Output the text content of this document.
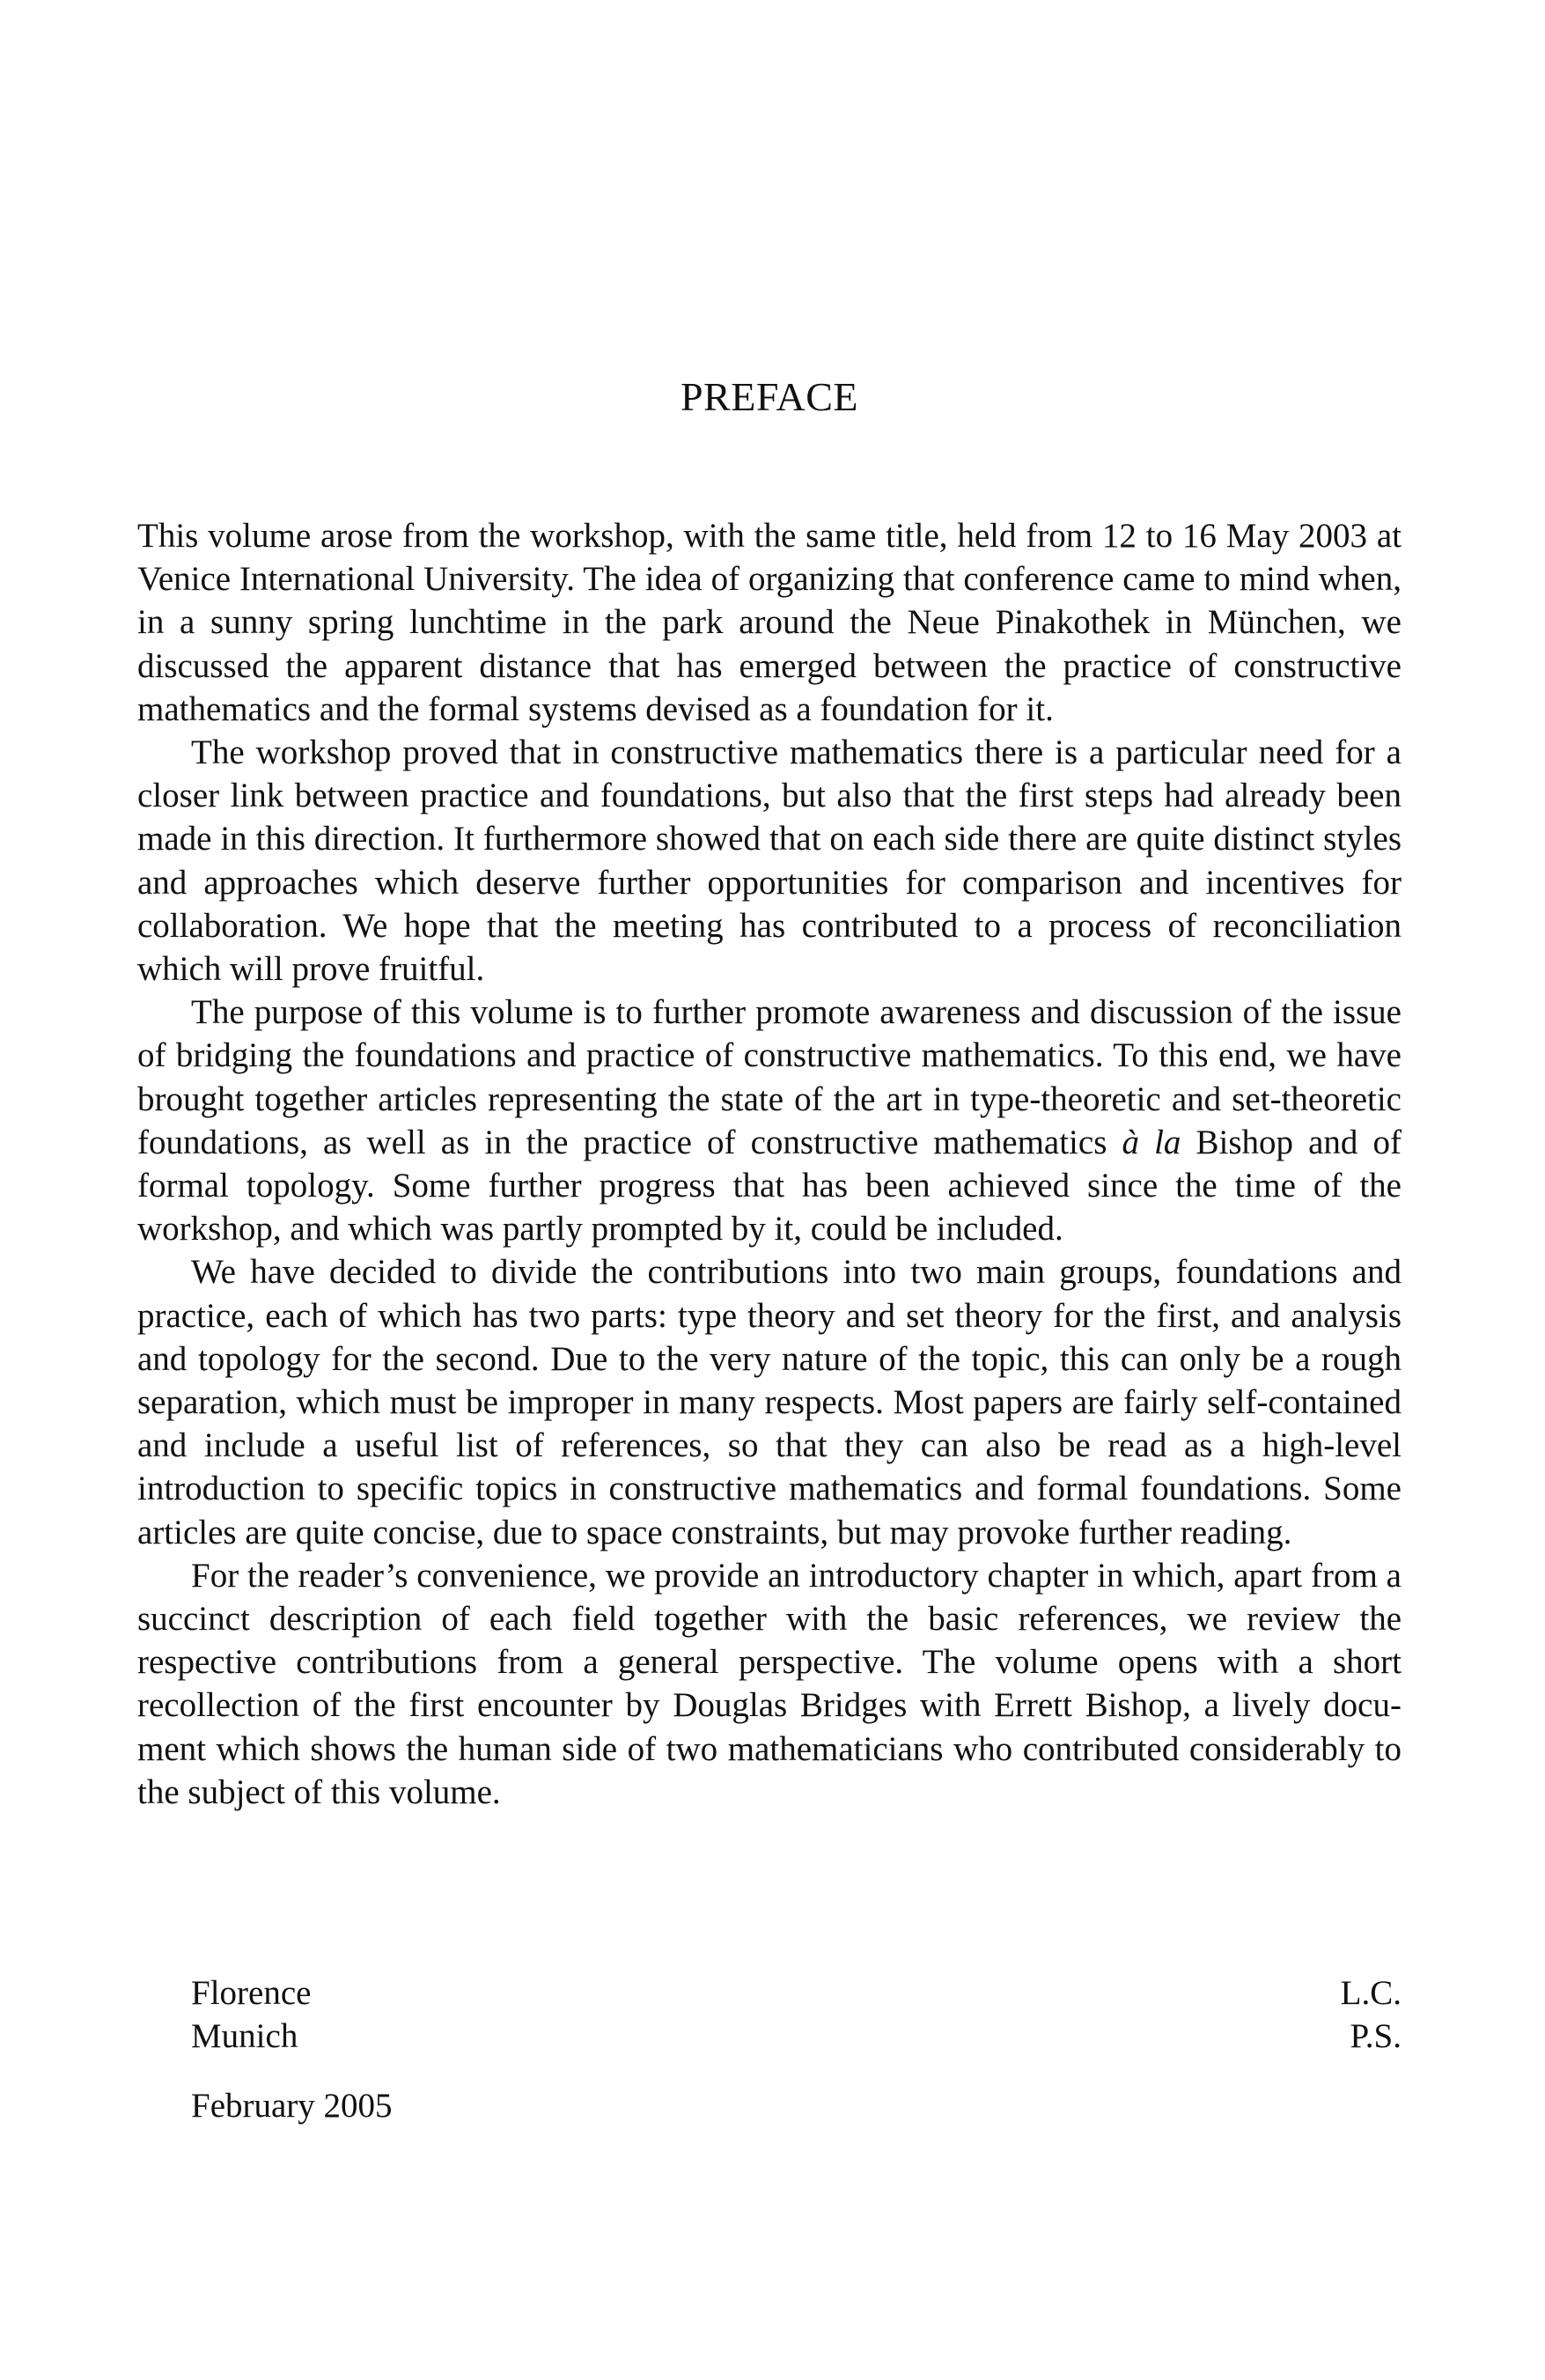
PREFACE

This volume arose from the workshop, with the same title, held from 12 to 16 May 2003 at Venice International University. The idea of organizing that conference came to mind when, in a sunny spring lunchtime in the park around the Neue Pinakothek in München, we discussed the apparent distance that has emerged between the practice of constructive mathematics and the formal systems devised as a foundation for it.

The workshop proved that in constructive mathematics there is a particular need for a closer link between practice and foundations, but also that the first steps had already been made in this direction. It furthermore showed that on each side there are quite distinct styles and approaches which deserve further opportunities for comparison and incentives for collaboration. We hope that the meeting has contributed to a process of reconciliation which will prove fruitful.

The purpose of this volume is to further promote awareness and discussion of the issue of bridging the foundations and practice of constructive mathematics. To this end, we have brought together articles representing the state of the art in type-theoretic and set-theoretic foundations, as well as in the practice of constructive mathematics à la Bishop and of formal topology. Some further progress that has been achieved since the time of the workshop, and which was partly prompted by it, could be included.

We have decided to divide the contributions into two main groups, foundations and practice, each of which has two parts: type theory and set theory for the first, and analysis and topology for the second. Due to the very nature of the topic, this can only be a rough separation, which must be improper in many respects. Most papers are fairly self-contained and include a useful list of references, so that they can also be read as a high-level introduction to specific topics in constructive mathematics and formal foundations. Some articles are quite concise, due to space constraints, but may provoke further reading.

For the reader’s convenience, we provide an introductory chapter in which, apart from a succinct description of each field together with the basic references, we review the respective contributions from a general perspective. The volume opens with a short recollection of the first encounter by Douglas Bridges with Errett Bishop, a lively document which shows the human side of two mathematicians who contributed considerably to the subject of this volume.

Florence	L.C.
Munich	P.S.
February 2005
